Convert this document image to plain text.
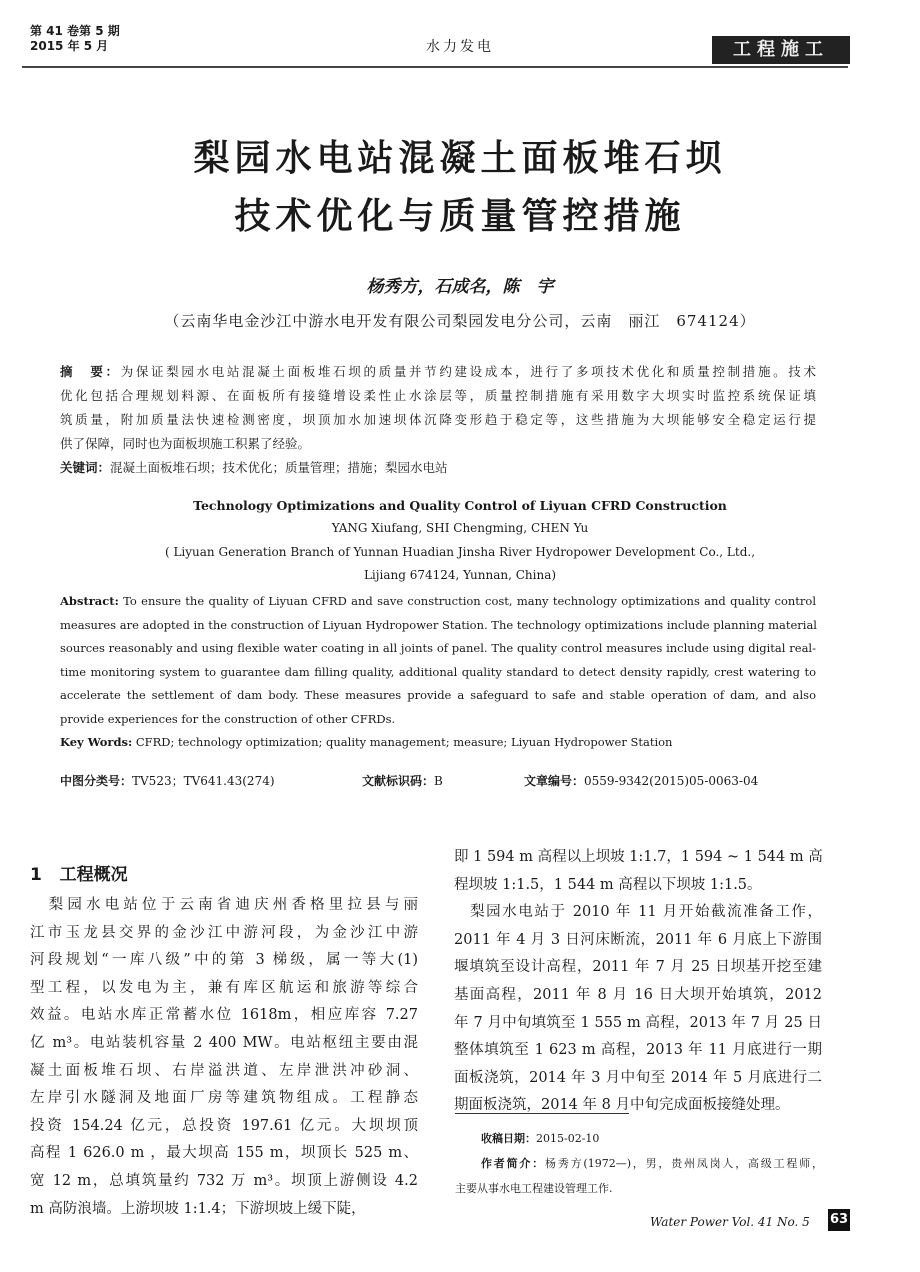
第 41 卷第 5 期
2015 年 5 月	水力发电	工程施工
梨园水电站混凝土面板堆石坝
技术优化与质量管控措施
杨秀方，石成名，陈　宇
（云南华电金沙江中游水电开发有限公司梨园发电分公司，云南　丽江　674124）
摘　要：为保证梨园水电站混凝土面板堆石坝的质量并节约建设成本，进行了多项技术优化和质量控制措施。技术
优化包括合理规划料源、在面板所有接缝增设柔性止水涂层等，质量控制措施有采用数字大坝实时监控系统保证填
筑质量，附加质量法快速检测密度，坝顶加水加速坝体沉降变形趋于稳定等，这些措施为大坝能够安全稳定运行提
供了保障，同时也为面板坝施工积累了经验。
关键词：混凝土面板堆石坝；技术优化；质量管理；措施；梨园水电站
Technology Optimizations and Quality Control of Liyuan CFRD Construction
YANG Xiufang, SHI Chengming, CHEN Yu
( Liyuan Generation Branch of Yunnan Huadian Jinsha River Hydropower Development Co., Ltd.,
Lijiang 674124, Yunnan, China)
Abstract: To ensure the quality of Liyuan CFRD and save construction cost, many technology optimizations and quality control
measures are adopted in the construction of Liyuan Hydropower Station. The technology optimizations include planning material
sources reasonably and using flexible water coating in all joints of panel. The quality control measures include using digital real-
time monitoring system to guarantee dam filling quality, additional quality standard to detect density rapidly, crest watering to
accelerate the settlement of dam body. These measures provide a safeguard to safe and stable operation of dam, and also
provide experiences for the construction of other CFRDs.
Key Words: CFRD; technology optimization; quality management; measure; Liyuan Hydropower Station
中图分类号：TV523；TV641.43(274)	文献标识码：B	文章编号：0559-9342(2015)05-0063-04
1 工程概况
　梨园水电站位于云南省迪庆州香格里拉县与丽
江市玉龙县交界的金沙江中游河段，为金沙江中游
河段规划“一库八级”中的第 3 梯级，属一等大(1)
型工程，以发电为主，兼有库区航运和旅游等综合
效益。电站水库正常蓄水位 1618m，相应库容 7.27
亿 m³。电站装机容量 2 400 MW。电站枢纽主要由混
凝土面板堆石坝、右岸溢洪道、左岸泄洪冲砂洞、
左岸引水隧洞及地面厂房等建筑物组成。工程静态
投资 154.24 亿元，总投资 197.61 亿元。大坝坝顶
高程 1 626.0 m ，最大坝高 155 m，坝顶长 525 m、
宽 12 m，总填筑量约 732 万 m³。坝顶上游侧设 4.2
m 高防浪墙。上游坝坡 1:1.4；下游坝坡上缓下陡，
即 1 594 m 高程以上坝坡 1:1.7，1 594 ~ 1 544 m 高
程坝坡 1:1.5，1 544 m 高程以下坝坡 1:1.5。
　梨园水电站于 2010 年 11 月开始截流准备工作，
2011 年 4 月 3 日河床断流，2011 年 6 月底上下游围
堰填筑至设计高程，2011 年 7 月 25 日坝基开挖至建
基面高程，2011 年 8 月 16 日大坝开始填筑，2012
年 7 月中旬填筑至 1 555 m 高程，2013 年 7 月 25 日
整体填筑至 1 623 m 高程，2013 年 11 月底进行一期
面板浇筑，2014 年 3 月中旬至 2014 年 5 月底进行二
期面板浇筑，2014 年 8 月中旬完成面板接缝处理。
收稿日期：2015-02-10
作者简介：杨秀方(1972—)，男，贵州凤岗人，高级工程师，
主要从事水电工程建设管理工作.
Water Power Vol. 41 No. 5 63
